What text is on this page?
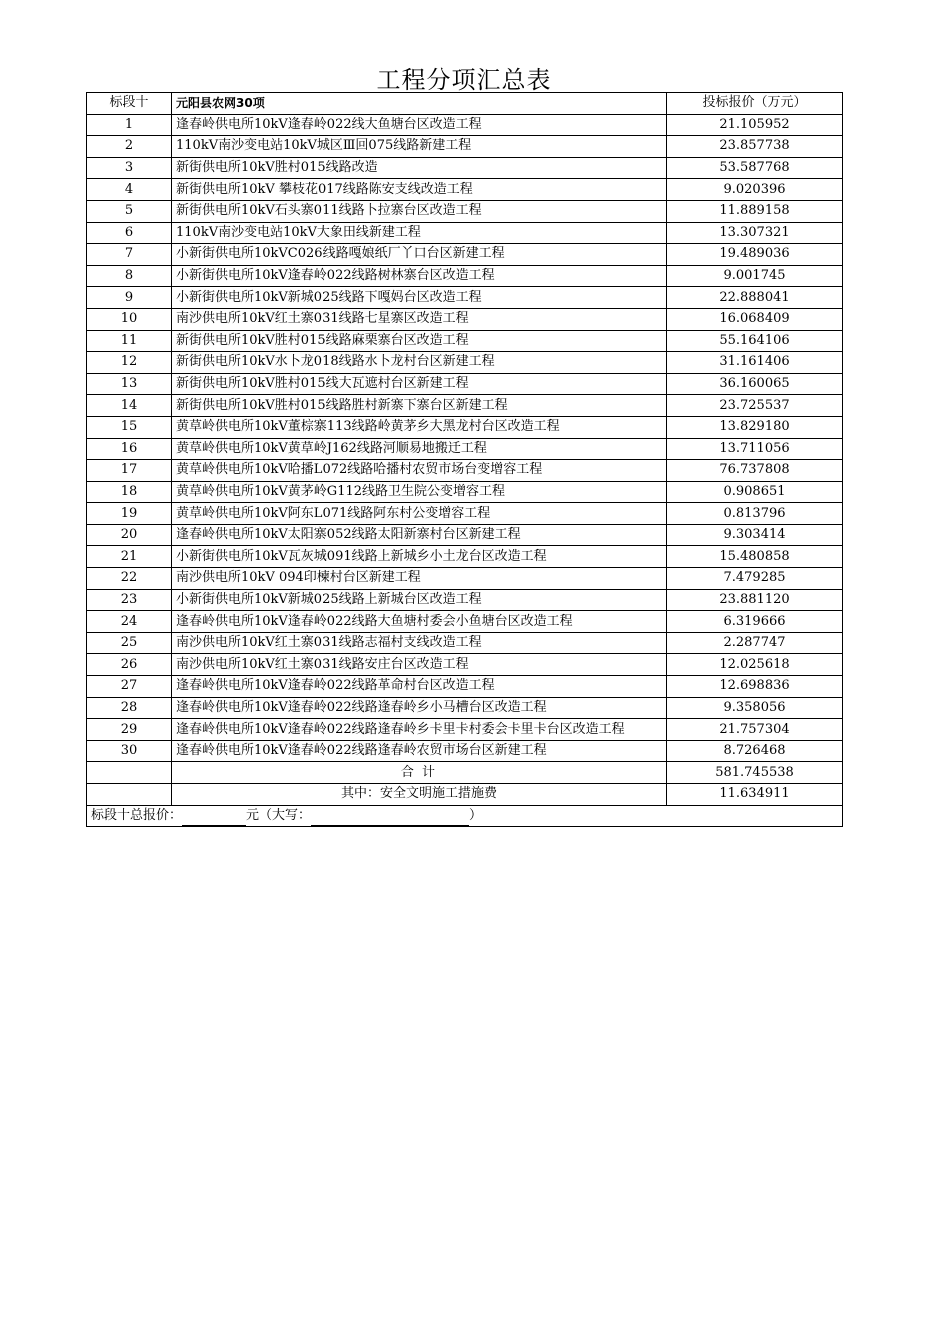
工程分项汇总表
标段十	元阳县农网30项	投标报价（万元）
1	逢春岭供电所10kV逢春岭022线大鱼塘台区改造工程	21.105952
2	110kV南沙变电站10kV城区Ⅲ回075线路新建工程	23.857738
3	新街供电所10kV胜村015线路改造	53.587768
4	新街供电所10kV 攀枝花017线路陈安支线改造工程	9.020396
5	新街供电所10kV石头寨011线路卜拉寨台区改造工程	11.889158
6	110kV南沙变电站10kV大象田线新建工程	13.307321
7	小新街供电所10kVC026线路嘎娘纸厂丫口台区新建工程	19.489036
8	小新街供电所10kV逢春岭022线路树林寨台区改造工程	9.001745
9	小新街供电所10kV新城025线路下嘎妈台区改造工程	22.888041
10	南沙供电所10kV红土寨031线路七星寨区改造工程	16.068409
11	新街供电所10kV胜村015线路麻栗寨台区改造工程	55.164106
12	新街供电所10kV水卜龙018线路水卜龙村台区新建工程	31.161406
13	新街供电所10kV胜村015线大瓦遮村台区新建工程	36.160065
14	新街供电所10kV胜村015线路胜村新寨下寨台区新建工程	23.725537
15	黄草岭供电所10kV董棕寨113线路岭黄茅乡大黑龙村台区改造工程	13.829180
16	黄草岭供电所10kV黄草岭J162线路河顺易地搬迁工程	13.711056
17	黄草岭供电所10kV哈播L072线路哈播村农贸市场台变增容工程	76.737808
18	黄草岭供电所10kV黄茅岭G112线路卫生院公变增容工程	0.908651
19	黄草岭供电所10kV阿东L071线路阿东村公变增容工程	0.813796
20	逢春岭供电所10kV太阳寨052线路太阳新寨村台区新建工程	9.303414
21	小新街供电所10kV瓦灰城091线路上新城乡小土龙台区改造工程	15.480858
22	南沙供电所10kV 094印楝村台区新建工程	7.479285
23	小新街供电所10kV新城025线路上新城台区改造工程	23.881120
24	逢春岭供电所10kV逢春岭022线路大鱼塘村委会小鱼塘台区改造工程	6.319666
25	南沙供电所10kV红土寨031线路志福村支线改造工程	2.287747
26	南沙供电所10kV红土寨031线路安庄台区改造工程	12.025618
27	逢春岭供电所10kV逢春岭022线路革命村台区改造工程	12.698836
28	逢春岭供电所10kV逢春岭022线路逢春岭乡小马槽台区改造工程	9.358056
29	逢春岭供电所10kV逢春岭022线路逢春岭乡卡里卡村委会卡里卡台区改造工程	21.757304
30	逢春岭供电所10kV逢春岭022线路逢春岭农贸市场台区新建工程	8.726468
	合 计	581.745538
	其中：安全文明施工措施费	11.634911
标段十总报价： 元（大写： ）		
